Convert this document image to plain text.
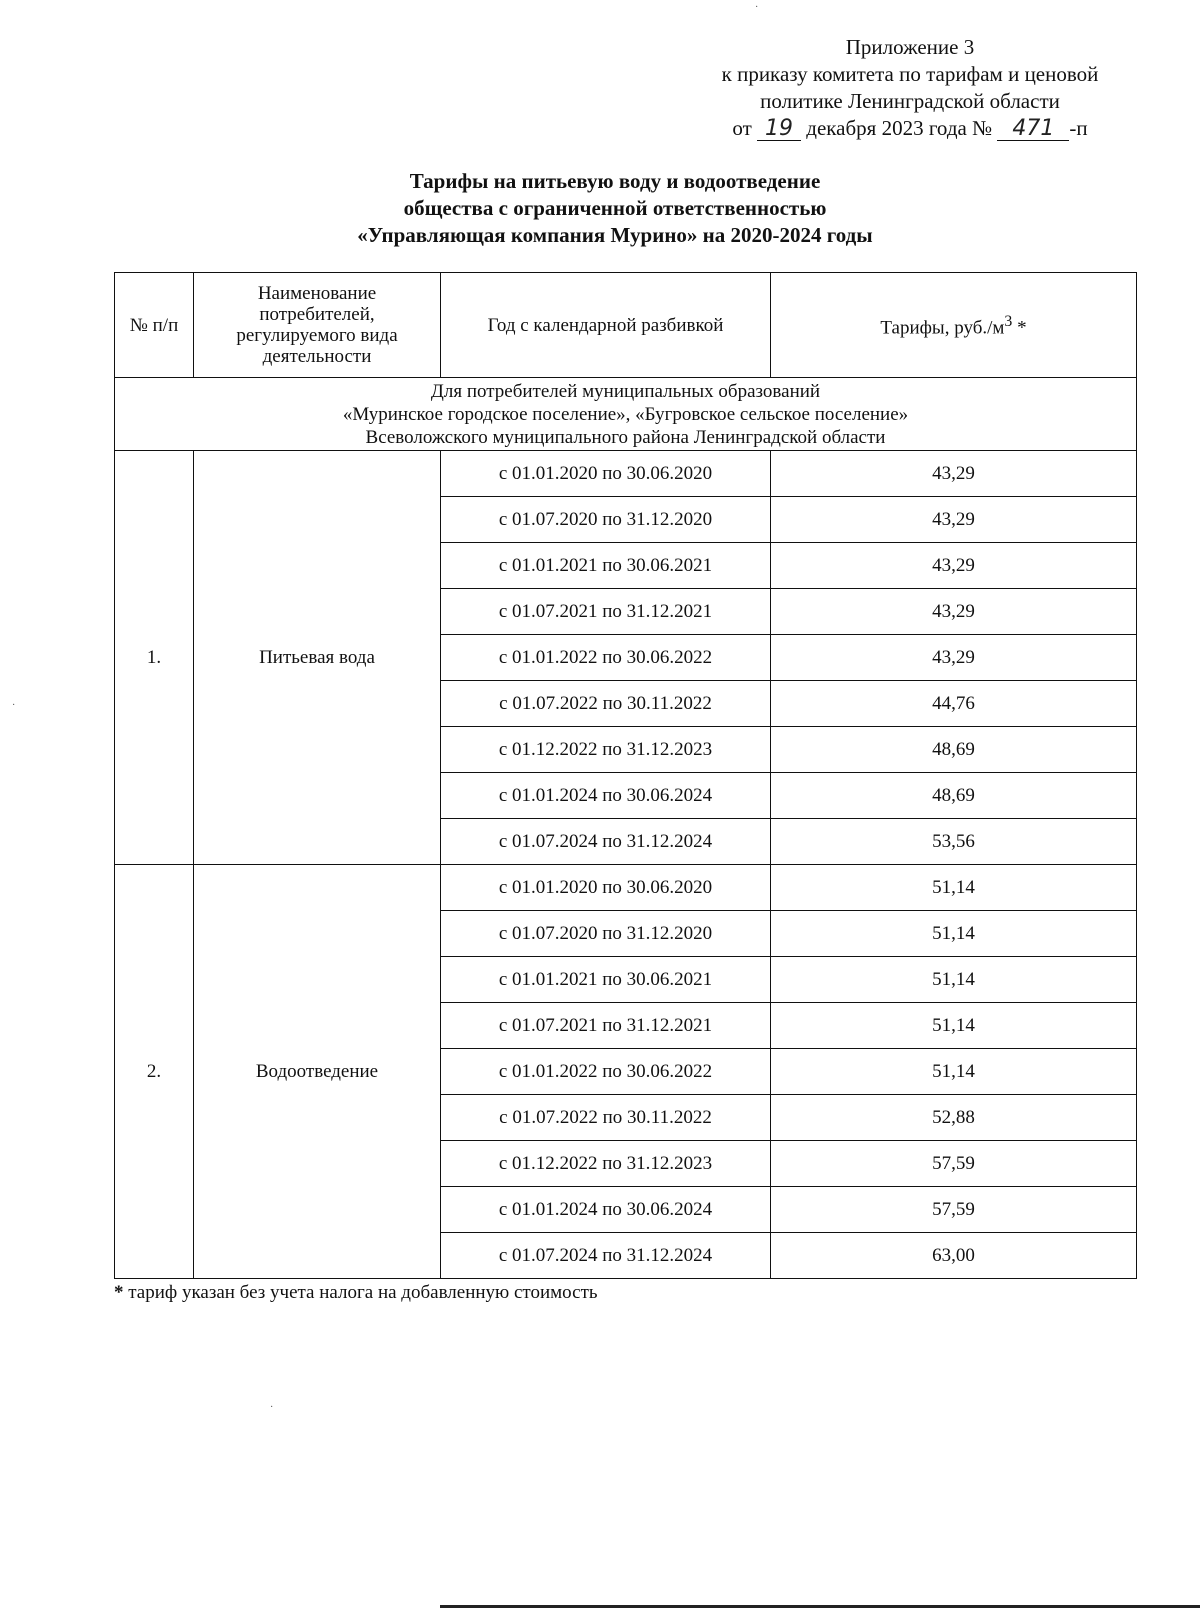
Приложение 3
к приказу комитета по тарифам и ценовой
политике Ленинградской области
от 19 декабря 2023 года № 471 -п
Тарифы на питьевую воду и водоотведение
общества с ограниченной ответственностью
«Управляющая компания Мурино» на 2020-2024 годы
№ п/п	Наименование потребителей, регулируемого вида деятельности	Год с календарной разбивкой	Тарифы, $руб./м^3$ *

Для потребителей муниципальных образований
«Муринское городское поселение», «Бугровское сельское поселение»
Всеволожского муниципального района Ленинградской области			

1.	Питьевая вода	с 01.01.2020 по 30.06.2020	43,29
		с 01.07.2020 по 31.12.2020	43,29
		с 01.01.2021 по 30.06.2021	43,29
		с 01.07.2021 по 31.12.2021	43,29
		с 01.01.2022 по 30.06.2022	43,29
		с 01.07.2022 по 30.11.2022	44,76
		с 01.12.2022 по 31.12.2023	48,69
		с 01.01.2024 по 30.06.2024	48,69
		с 01.07.2024 по 31.12.2024	53,56
2.	Водоотведение	с 01.01.2020 по 30.06.2020	51,14
		с 01.07.2020 по 31.12.2020	51,14
		с 01.01.2021 по 30.06.2021	51,14
		с 01.07.2021 по 31.12.2021	51,14
		с 01.01.2022 по 30.06.2022	51,14
		с 01.07.2022 по 30.11.2022	52,88
		с 01.12.2022 по 31.12.2023	57,59
		с 01.01.2024 по 30.06.2024	57,59
		с 01.07.2024 по 31.12.2024	63,00
* тариф указан без учета налога на добавленную стоимость
·
·
·
